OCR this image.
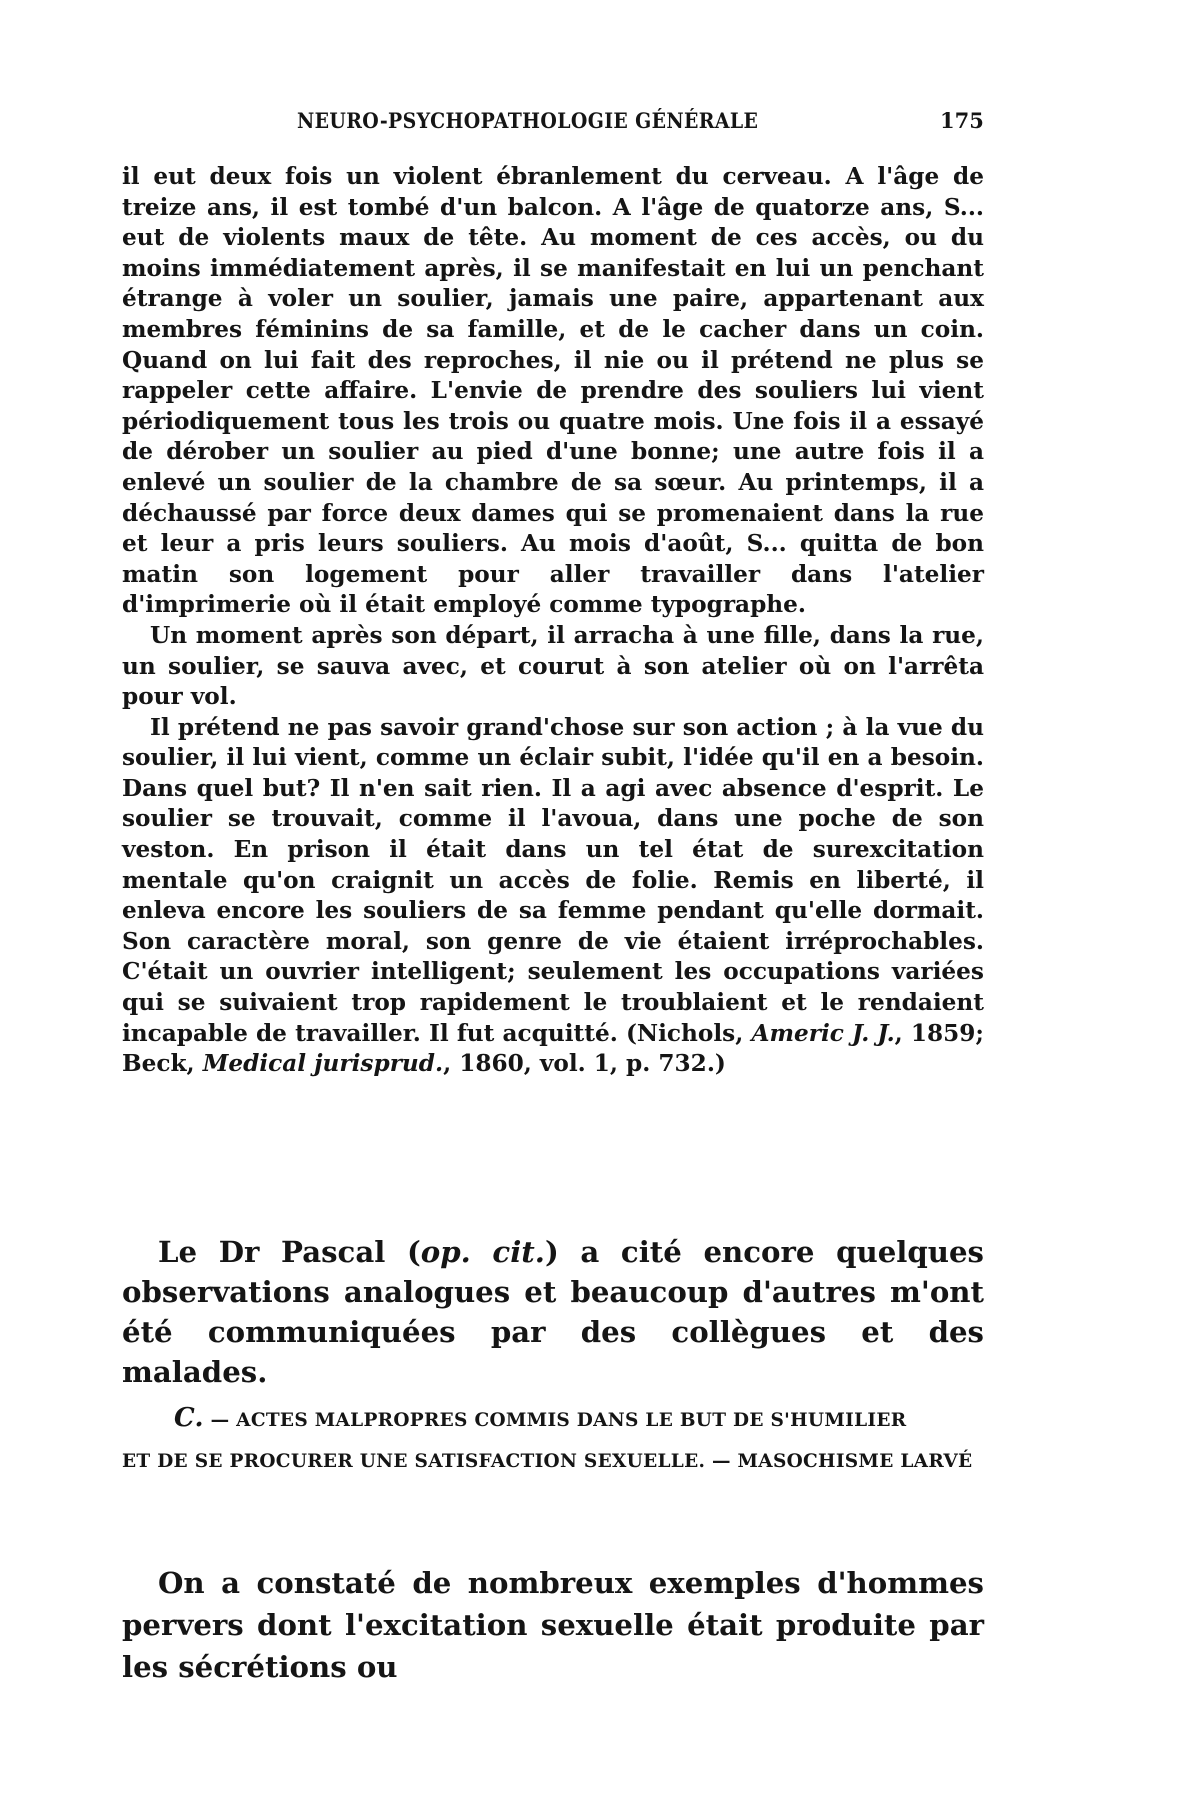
NEURO-PSYCHOPATHOLOGIE GÉNÉRALE	175

il eut deux fois un violent ébranlement du cerveau. A l'âge de treize ans, il est tombé d'un balcon. A l'âge de quatorze ans, S... eut de violents maux de tête. Au moment de ces accès, ou du moins immédiatement après, il se manifestait en lui un penchant étrange à voler un soulier, jamais une paire, appartenant aux membres féminins de sa famille, et de le cacher dans un coin. Quand on lui fait des reproches, il nie ou il prétend ne plus se rappeler cette affaire. L'envie de prendre des souliers lui vient périodiquement tous les trois ou quatre mois. Une fois il a essayé de dérober un soulier au pied d'une bonne; une autre fois il a enlevé un soulier de la chambre de sa sœur. Au printemps, il a déchaussé par force deux dames qui se promenaient dans la rue et leur a pris leurs souliers. Au mois d'août, S... quitta de bon matin son logement pour aller travailler dans l'atelier d'imprimerie où il était employé comme typographe.

Un moment après son départ, il arracha à une fille, dans la rue, un soulier, se sauva avec, et courut à son atelier où on l'arrêta pour vol.

Il prétend ne pas savoir grand'chose sur son action ; à la vue du soulier, il lui vient, comme un éclair subit, l'idée qu'il en a besoin. Dans quel but? Il n'en sait rien. Il a agi avec absence d'esprit. Le soulier se trouvait, comme il l'avoua, dans une poche de son veston. En prison il était dans un tel état de surexcitation mentale qu'on craignit un accès de folie. Remis en liberté, il enleva encore les souliers de sa femme pendant qu'elle dormait. Son caractère moral, son genre de vie étaient irréprochables. C'était un ouvrier intelligent; seulement les occupations variées qui se suivaient trop rapidement le troublaient et le rendaient incapable de travailler. Il fut acquitté. (Nichols, Americ J. J., 1859; Beck, Medical jurisprud., 1860, vol. 1, p. 732.)

Le Dr Pascal (op. cit.) a cité encore quelques observations analogues et beaucoup d'autres m'ont été communiquées par des collègues et des malades.

C. — ACTES MALPROPRES COMMIS DANS LE BUT DE S'HUMILIER
ET DE SE PROCURER UNE SATISFACTION SEXUELLE. — MASOCHISME LARVÉ

On a constaté de nombreux exemples d'hommes pervers dont l'excitation sexuelle était produite par les sécrétions ou
